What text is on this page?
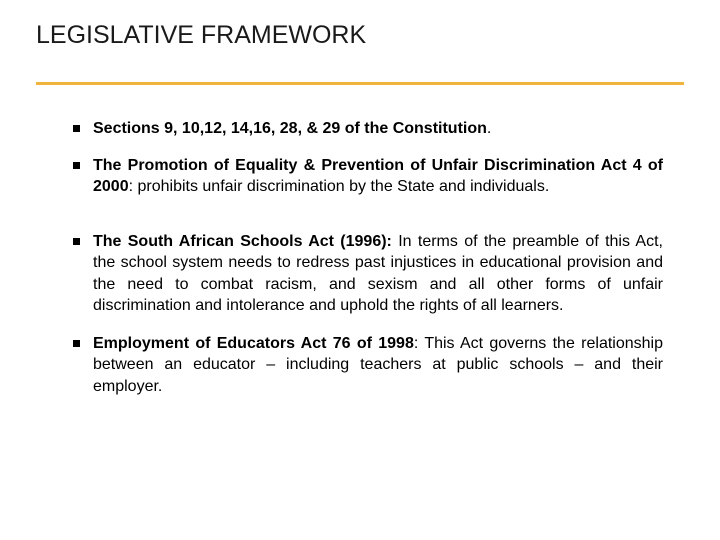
LEGISLATIVE FRAMEWORK
Sections 9, 10,12, 14,16, 28, & 29 of the Constitution.
The Promotion of Equality & Prevention of Unfair Discrimination Act 4 of 2000: prohibits unfair discrimination by the State and individuals.
The South African Schools Act (1996): In terms of the preamble of this Act, the school system needs to redress past injustices in educational provision and the need to combat racism, and sexism and all other forms of unfair discrimination and intolerance and uphold the rights of all learners.
Employment of Educators Act 76 of 1998: This Act governs the relationship between an educator – including teachers at public schools – and their employer.
